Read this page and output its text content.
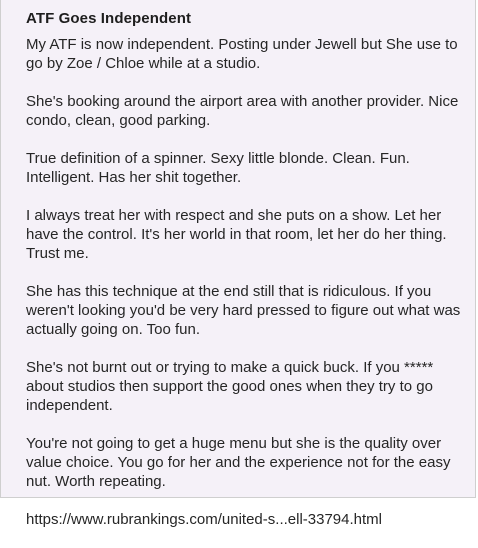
ATF Goes Independent

My ATF is now independent. Posting under Jewell but She use to go by Zoe / Chloe while at a studio.

She's booking around the airport area with another provider. Nice condo, clean, good parking.

True definition of a spinner. Sexy little blonde. Clean. Fun. Intelligent. Has her shit together.

I always treat her with respect and she puts on a show. Let her have the control. It's her world in that room, let her do her thing. Trust me.

She has this technique at the end still that is ridiculous. If you weren't looking you'd be very hard pressed to figure out what was actually going on. Too fun.

She's not burnt out or trying to make a quick buck. If you ***** about studios then support the good ones when they try to go independent.

You're not going to get a huge menu but she is the quality over value choice. You go for her and the experience not for the easy nut. Worth repeating.

https://www.rubrankings.com/united-s...ell-33794.html
